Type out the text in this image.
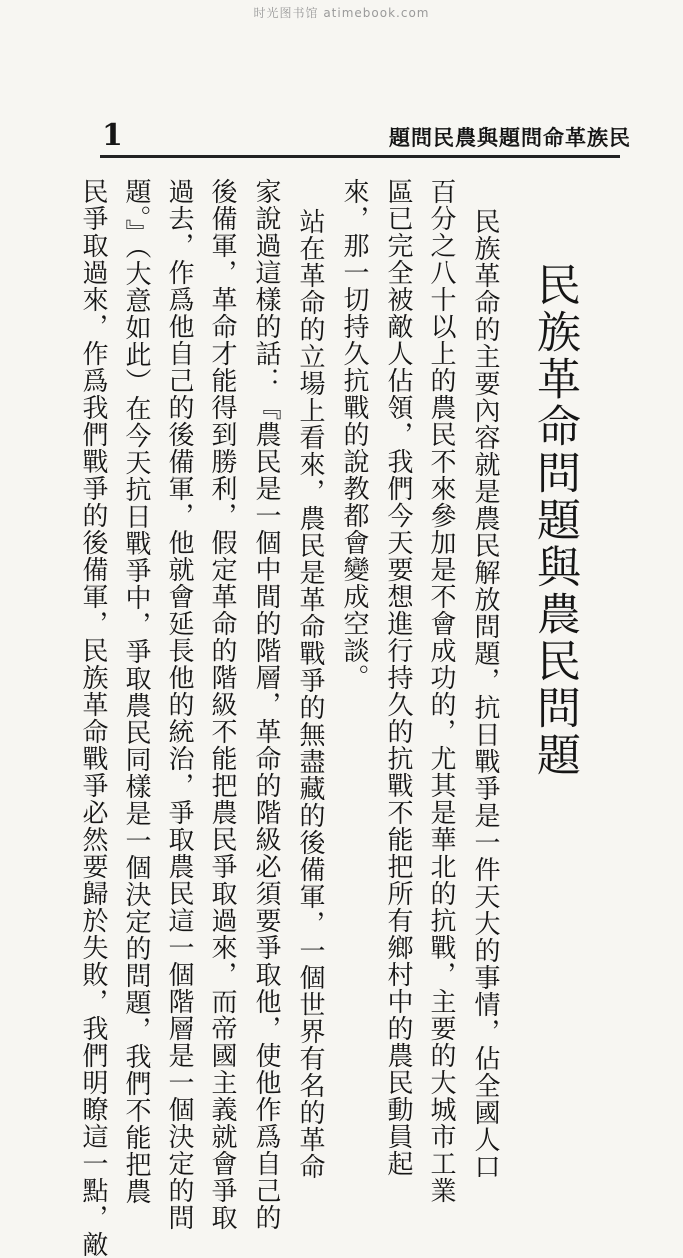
时光图书馆 atimebook.com
1	題問民農與題問命革族民
民族革命問題與農民問題
民族革命的主要內容就是農民解放問題，抗日戰爭是一件天大的事情，佔全國人口
百分之八十以上的農民不來參加是不會成功的，尤其是華北的抗戰，主要的大城市工業
區已完全被敵人佔領，我們今天要想進行持久的抗戰不能把所有鄉村中的農民動員起
來，那一切持久抗戰的說教都會變成空談。
站在革命的立場上看來，農民是革命戰爭的無盡藏的後備軍，一個世界有名的革命
家說過這樣的話：『農民是一個中間的階層，革命的階級必須要爭取他，使他作爲自己的
後備軍，革命才能得到勝利，假定革命的階級不能把農民爭取過來，而帝國主義就會爭取
過去，作爲他自己的後備軍，他就會延長他的統治，爭取農民這一個階層是一個決定的問
題。』（大意如此）在今天抗日戰爭中，爭取農民同樣是一個決定的問題，我們不能把農
民爭取過來，作爲我們戰爭的後備軍，民族革命戰爭必然要歸於失敗，我們明瞭這一點，敵
